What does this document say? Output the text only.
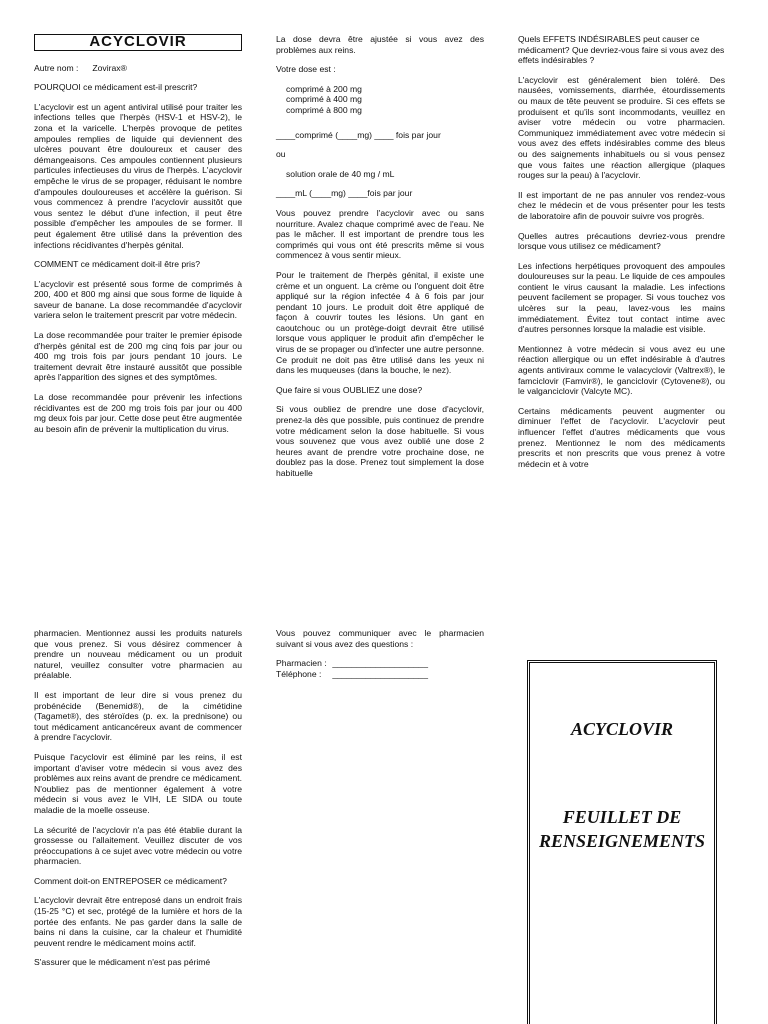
ACYCLOVIR

Autre nom : Zovirax®

POURQUOI ce médicament est-il prescrit?

L'acyclovir est un agent antiviral utilisé pour traiter les infections telles que l'herpès (HSV-1 et HSV-2), le zona et la varicelle. L'herpès provoque de petites ampoules remplies de liquide qui deviennent des ulcères pouvant être douloureux et causer des démangeaisons. Ces ampoules contiennent plusieurs particules infectieuses du virus de l'herpès. L'acyclovir empêche le virus de se propager, réduisant le nombre d'ampoules douloureuses et accélère la guérison. Si vous commencez à prendre l'acyclovir aussitôt que vous sentez le début d'une infection, il peut être possible d'empêcher les ampoules de se former. Il peut également être utilisé dans la prévention des infections récidivantes d'herpès génital.

COMMENT ce médicament doit-il être pris?

L'acyclovir est présenté sous forme de comprimés à 200, 400 et 800 mg ainsi que sous forme de liquide à saveur de banane. La dose recommandée d'acyclovir variera selon le traitement prescrit par votre médecin.

La dose recommandée pour traiter le premier épisode d'herpès génital est de 200 mg cinq fois par jour ou 400 mg trois fois par jours pendant 10 jours. Le traitement devrait être instauré aussitôt que possible après l'apparition des signes et des symptômes.

La dose recommandée pour prévenir les infections récidivantes est de 200 mg trois fois par jour ou 400 mg deux fois par jour. Cette dose peut être augmentée au besoin afin de prévenir la multiplication du virus.

La dose devra être ajustée si vous avez des problèmes aux reins.

Votre dose est :

comprimé à 200 mg
comprimé à 400 mg
comprimé à 800 mg

____comprimé (____mg) ____ fois par jour

ou

solution orale de 40 mg / mL

____mL (____mg) ____fois par jour

Vous pouvez prendre l'acyclovir avec ou sans nourriture. Avalez chaque comprimé avec de l'eau. Ne pas le mâcher. Il est important de prendre tous les comprimés qui vous ont été prescrits même si vous commencez à vous sentir mieux.

Pour le traitement de l'herpès génital, il existe une crème et un onguent. La crème ou l'onguent doit être appliqué sur la région infectée 4 à 6 fois par jour pendant 10 jours. Le produit doit être appliqué de façon à couvrir toutes les lésions. Un gant en caoutchouc ou un protège-doigt devrait être utilisé lorsque vous appliquer le produit afin d'empêcher le virus de se propager ou d'infecter une autre personne. Ce produit ne doit pas être utilisé dans les yeux ni dans les muqueuses (dans la bouche, le nez).

Que faire si vous OUBLIEZ une dose?

Si vous oubliez de prendre une dose d'acyclovir, prenez-la dès que possible, puis continuez de prendre votre médicament selon la dose habituelle. Si vous vous souvenez que vous avez oublié une dose 2 heures avant de prendre votre prochaine dose, ne doublez pas la dose. Prenez tout simplement la dose habituelle

Quels EFFETS INDÉSIRABLES peut causer ce médicament? Que devriez-vous faire si vous avez des effets indésirables ?

L'acyclovir est généralement bien toléré. Des nausées, vomissements, diarrhée, étourdissements ou maux de tête peuvent se produire. Si ces effets se produisent et qu'ils sont incommodants, veuillez en aviser votre médecin ou votre pharmacien. Communiquez immédiatement avec votre médecin si vous avez des effets indésirables comme des bleus ou des saignements inhabituels ou si vous pensez que vous faites une réaction allergique (plaques rouges sur la peau) à l'acyclovir.

Il est important de ne pas annuler vos rendez-vous chez le médecin et de vous présenter pour les tests de laboratoire afin de pouvoir suivre vos progrès.

Quelles autres précautions devriez-vous prendre lorsque vous utilisez ce médicament?

Les infections herpétiques provoquent des ampoules douloureuses sur la peau. Le liquide de ces ampoules contient le virus causant la maladie. Les infections peuvent facilement se propager. Si vous touchez vos ulcères sur la peau, lavez-vous les mains immédiatement. Évitez tout contact intime avec d'autres personnes lorsque la maladie est visible.

Mentionnez à votre médecin si vous avez eu une réaction allergique ou un effet indésirable à d'autres agents antiviraux comme le valacyclovir (Valtrex®), le famciclovir (Famvir®), le ganciclovir (Cytovene®), ou le valganciclovir (Valcyte MC).

Certains médicaments peuvent augmenter ou diminuer l'effet de l'acyclovir. L'acyclovir peut influencer l'effet d'autres médicaments que vous prenez. Mentionnez le nom des médicaments prescrits et non prescrits que vous prenez à votre médecin et à votre

pharmacien. Mentionnez aussi les produits naturels que vous prenez. Si vous désirez commencer à prendre un nouveau médicament ou un produit naturel, veuillez consulter votre pharmacien au préalable.

Il est important de leur dire si vous prenez du probénécide (Benemid®), de la cimétidine (Tagamet®), des stéroïdes (p. ex. la prednisone) ou tout médicament anticancéreux avant de commencer à prendre l'acyclovir.

Puisque l'acyclovir est éliminé par les reins, il est important d'aviser votre médecin si vous avez des problèmes aux reins avant de prendre ce médicament. N'oubliez pas de mentionner également à votre médecin si vous avez le VIH, LE SIDA ou toute maladie de la moelle osseuse.

La sécurité de l'acyclovir n'a pas été établie durant la grossesse ou l'allaitement. Veuillez discuter de vos préoccupations à ce sujet avec votre médecin ou votre pharmacien.

Comment doit-on ENTREPOSER ce médicament?

L'acyclovir devrait être entreposé dans un endroit frais (15-25 °C) et sec, protégé de la lumière et hors de la portée des enfants. Ne pas garder dans la salle de bains ni dans la cuisine, car la chaleur et l'humidité peuvent rendre le médicament moins actif.

S'assurer que le médicament n'est pas périmé

Vous pouvez communiquer avec le pharmacien suivant si vous avez des questions :

Pharmacien : ____________________
Téléphone : ____________________
ACYCLOVIR
FEUILLET DE
RENSEIGNEMENTS
